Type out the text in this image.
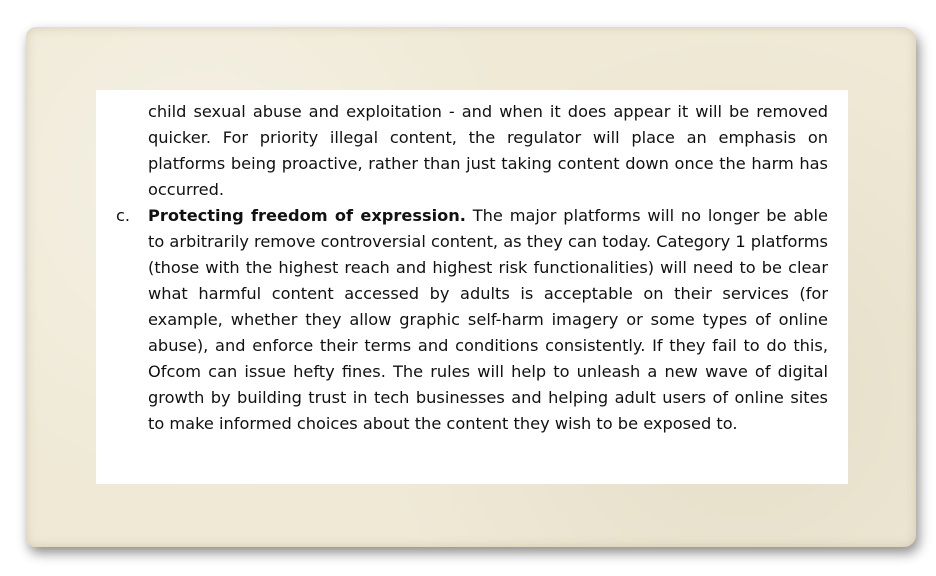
child sexual abuse and exploitation - and when it does appear it will be removed quicker. For priority illegal content, the regulator will place an emphasis on platforms being proactive, rather than just taking content down once the harm has occurred.

c. Protecting freedom of expression. The major platforms will no longer be able to arbitrarily remove controversial content, as they can today. Category 1 platforms (those with the highest reach and highest risk functionalities) will need to be clear what harmful content accessed by adults is acceptable on their services (for example, whether they allow graphic self-harm imagery or some types of online abuse), and enforce their terms and conditions consistently. If they fail to do this, Ofcom can issue hefty fines. The rules will help to unleash a new wave of digital growth by building trust in tech businesses and helping adult users of online sites to make informed choices about the content they wish to be exposed to.
